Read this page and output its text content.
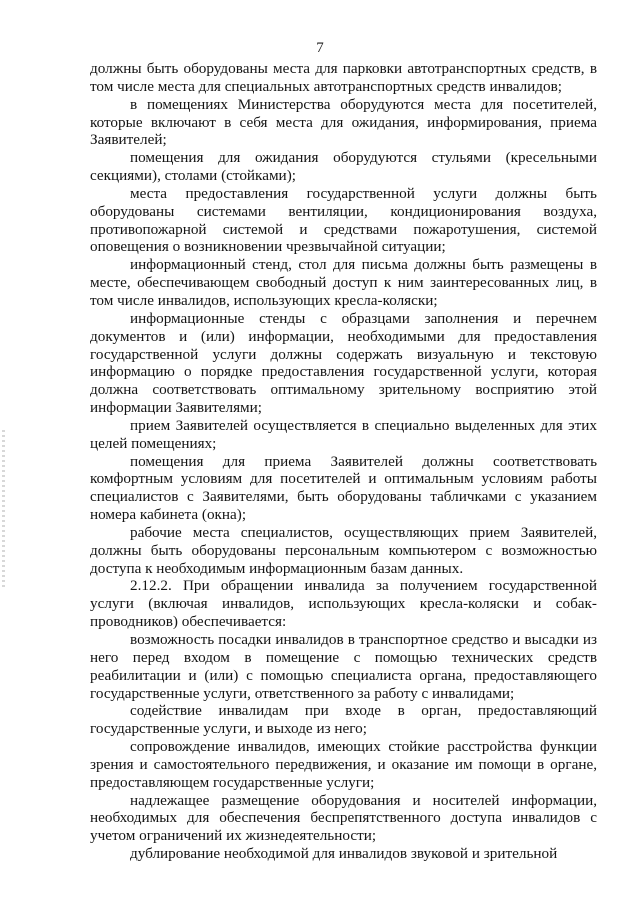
7

должны быть оборудованы места для парковки автотранспортных средств, в том числе места для специальных автотранспортных средств инвалидов;

в помещениях Министерства оборудуются места для посетителей, которые включают в себя места для ожидания, информирования, приема Заявителей;

помещения для ожидания оборудуются стульями (кресельными секциями), столами (стойками);

места предоставления государственной услуги должны быть оборудованы системами вентиляции, кондиционирования воздуха, противопожарной системой и средствами пожаротушения, системой оповещения о возникновении чрезвычайной ситуации;

информационный стенд, стол для письма должны быть размещены в месте, обеспечивающем свободный доступ к ним заинтересованных лиц, в том числе инвалидов, использующих кресла-коляски;

информационные стенды с образцами заполнения и перечнем документов и (или) информации, необходимыми для предоставления государственной услуги должны содержать визуальную и текстовую информацию о порядке предоставления государственной услуги, которая должна соответствовать оптимальному зрительному восприятию этой информации Заявителями;

прием Заявителей осуществляется в специально выделенных для этих целей помещениях;

помещения для приема Заявителей должны соответствовать комфортным условиям для посетителей и оптимальным условиям работы специалистов с Заявителями, быть оборудованы табличками с указанием номера кабинета (окна);

рабочие места специалистов, осуществляющих прием Заявителей, должны быть оборудованы персональным компьютером с возможностью доступа к необходимым информационным базам данных.

2.12.2. При обращении инвалида за получением государственной услуги (включая инвалидов, использующих кресла-коляски и собак-проводников) обеспечивается:

возможность посадки инвалидов в транспортное средство и высадки из него перед входом в помещение с помощью технических средств реабилитации и (или) с помощью специалиста органа, предоставляющего государственные услуги, ответственного за работу с инвалидами;

содействие инвалидам при входе в орган, предоставляющий государственные услуги, и выходе из него;

сопровождение инвалидов, имеющих стойкие расстройства функции зрения и самостоятельного передвижения, и оказание им помощи в органе, предоставляющем государственные услуги;

надлежащее размещение оборудования и носителей информации, необходимых для обеспечения беспрепятственного доступа инвалидов с учетом ограничений их жизнедеятельности;

дублирование необходимой для инвалидов звуковой и зрительной
